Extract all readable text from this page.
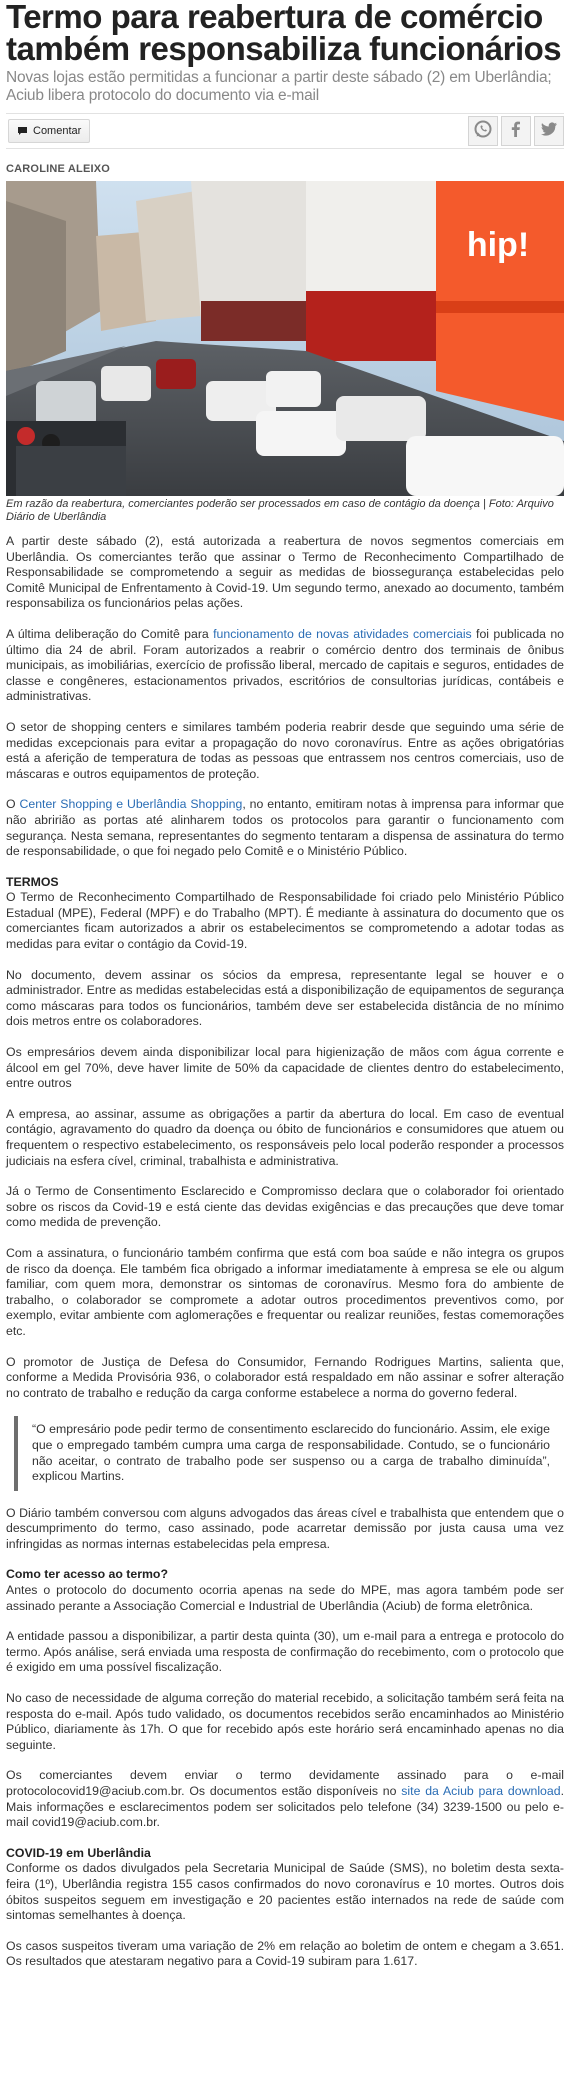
Termo para reabertura de comércio também responsabiliza funcionários

Novas lojas estão permitidas a funcionar a partir deste sábado (2) em Uberlândia; Aciub libera protocolo do documento via e-mail

Comentar
CAROLINE ALEIXO
hip!

Em razão da reabertura, comerciantes poderão ser processados em caso de contágio da doença | Foto: Arquivo Diário de Uberlândia

A partir deste sábado (2), está autorizada a reabertura de novos segmentos comerciais em Uberlândia. Os comerciantes terão que assinar o Termo de Reconhecimento Compartilhado de Responsabilidade se comprometendo a seguir as medidas de biossegurança estabelecidas pelo Comitê Municipal de Enfrentamento à Covid-19. Um segundo termo, anexado ao documento, também responsabiliza os funcionários pelas ações.

A última deliberação do Comitê para funcionamento de novas atividades comerciais foi publicada no último dia 24 de abril. Foram autorizados a reabrir o comércio dentro dos terminais de ônibus municipais, as imobiliárias, exercício de profissão liberal, mercado de capitais e seguros, entidades de classe e congêneres, estacionamentos privados, escritórios de consultorias jurídicas, contábeis e administrativas.

O setor de shopping centers e similares também poderia reabrir desde que seguindo uma série de medidas excepcionais para evitar a propagação do novo coronavírus. Entre as ações obrigatórias está a aferição de temperatura de todas as pessoas que entrassem nos centros comerciais, uso de máscaras e outros equipamentos de proteção.

O Center Shopping e Uberlândia Shopping, no entanto, emitiram notas à imprensa para informar que não abririão as portas até alinharem todos os protocolos para garantir o funcionamento com segurança. Nesta semana, representantes do segmento tentaram a dispensa de assinatura do termo de responsabilidade, o que foi negado pelo Comitê e o Ministério Público.

TERMOS

O Termo de Reconhecimento Compartilhado de Responsabilidade foi criado pelo Ministério Público Estadual (MPE), Federal (MPF) e do Trabalho (MPT). É mediante à assinatura do documento que os comerciantes ficam autorizados a abrir os estabelecimentos se comprometendo a adotar todas as medidas para evitar o contágio da Covid-19.

No documento, devem assinar os sócios da empresa, representante legal se houver e o administrador. Entre as medidas estabelecidas está a disponibilização de equipamentos de segurança como máscaras para todos os funcionários, também deve ser estabelecida distância de no mínimo dois metros entre os colaboradores.

Os empresários devem ainda disponibilizar local para higienização de mãos com água corrente e álcool em gel 70%, deve haver limite de 50% da capacidade de clientes dentro do estabelecimento, entre outros

A empresa, ao assinar, assume as obrigações a partir da abertura do local. Em caso de eventual contágio, agravamento do quadro da doença ou óbito de funcionários e consumidores que atuem ou frequentem o respectivo estabelecimento, os responsáveis pelo local poderão responder a processos judiciais na esfera cível, criminal, trabalhista e administrativa.

Já o Termo de Consentimento Esclarecido e Compromisso declara que o colaborador foi orientado sobre os riscos da Covid-19 e está ciente das devidas exigências e das precauções que deve tomar como medida de prevenção.

Com a assinatura, o funcionário também confirma que está com boa saúde e não integra os grupos de risco da doença. Ele também fica obrigado a informar imediatamente à empresa se ele ou algum familiar, com quem mora, demonstrar os sintomas de coronavírus. Mesmo fora do ambiente de trabalho, o colaborador se compromete a adotar outros procedimentos preventivos como, por exemplo, evitar ambiente com aglomerações e frequentar ou realizar reuniões, festas comemorações etc.

O promotor de Justiça de Defesa do Consumidor, Fernando Rodrigues Martins, salienta que, conforme a Medida Provisória 936, o colaborador está respaldado em não assinar e sofrer alteração no contrato de trabalho e redução da carga conforme estabelece a norma do governo federal.

“O empresário pode pedir termo de consentimento esclarecido do funcionário. Assim, ele exige que o empregado também cumpra uma carga de responsabilidade. Contudo, se o funcionário não aceitar, o contrato de trabalho pode ser suspenso ou a carga de trabalho diminuída”, explicou Martins.

O Diário também conversou com alguns advogados das áreas cível e trabalhista que entendem que o descumprimento do termo, caso assinado, pode acarretar demissão por justa causa uma vez infringidas as normas internas estabelecidas pela empresa.

Como ter acesso ao termo?

Antes o protocolo do documento ocorria apenas na sede do MPE, mas agora também pode ser assinado perante a Associação Comercial e Industrial de Uberlândia (Aciub) de forma eletrônica.

A entidade passou a disponibilizar, a partir desta quinta (30), um e-mail para a entrega e protocolo do termo. Após análise, será enviada uma resposta de confirmação do recebimento, com o protocolo que é exigido em uma possível fiscalização.

No caso de necessidade de alguma correção do material recebido, a solicitação também será feita na resposta do e-mail. Após tudo validado, os documentos recebidos serão encaminhados ao Ministério Público, diariamente às 17h. O que for recebido após este horário será encaminhado apenas no dia seguinte.

Os comerciantes devem enviar o termo devidamente assinado para o e-mail protocolocovid19@aciub.com.br. Os documentos estão disponíveis no site da Aciub para download. Mais informações e esclarecimentos podem ser solicitados pelo telefone (34) 3239-1500 ou pelo e-mail covid19@aciub.com.br.

COVID-19 em Uberlândia

Conforme os dados divulgados pela Secretaria Municipal de Saúde (SMS), no boletim desta sexta-feira (1º), Uberlândia registra 155 casos confirmados do novo coronavírus e 10 mortes. Outros dois óbitos suspeitos seguem em investigação e 20 pacientes estão internados na rede de saúde com sintomas semelhantes à doença.

Os casos suspeitos tiveram uma variação de 2% em relação ao boletim de ontem e chegam a 3.651. Os resultados que atestaram negativo para a Covid-19 subiram para 1.617.
